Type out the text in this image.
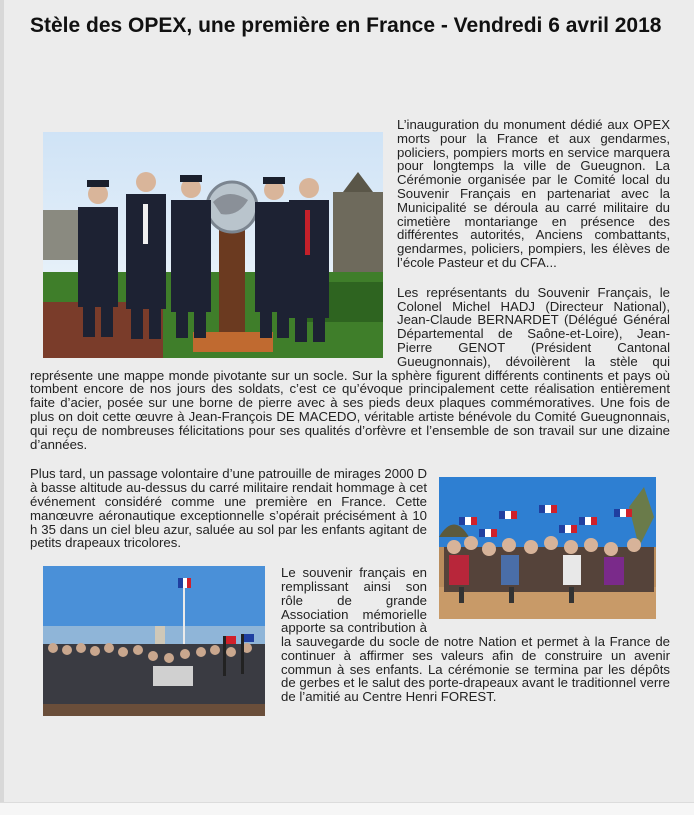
Stèle des OPEX, une première en France - Vendredi 6 avril 2018

L’inauguration du monument dédié aux OPEX morts pour la France et aux gendarmes, policiers, pompiers morts en service marquera pour longtemps la ville de Gueugnon. La Cérémonie organisée par le Comité local du Souvenir Français en partenariat avec la Municipalité se déroula au carré militaire du cimetière montariange en présence des différentes autorités, Anciens combattants, gendarmes, policiers, pompiers, les élèves de l’école Pasteur et du CFA...

Les représentants du Souvenir Français, le Colonel Michel HADJ (Directeur National), Jean-Claude BERNARDET (Délégué Général Départemental de Saône-et-Loire), Jean-Pierre GENOT (Président Cantonal Gueugnonnais), dévoilèrent la stèle qui représente une mappe monde pivotante sur un socle. Sur la sphère figurent différents continents et pays où tombent encore de nos jours des soldats, c’est ce qu’évoque principalement cette réalisation entièrement faite d’acier, posée sur une borne de pierre avec à ses pieds deux plaques commémoratives. Une fois de plus on doit cette œuvre à Jean-François DE MACEDO, véritable artiste bénévole du Comité Gueugnonnais, qui reçu de nombreuses félicitations pour ses qualités d’orfèvre et l’ensemble de son travail sur une dizaine d’années.

Plus tard, un passage volontaire d’une patrouille de mirages 2000 D à basse altitude au-dessus du carré militaire rendait hommage à cet événement considéré comme une première en France. Cette manœuvre aéronautique exceptionnelle s’opérait précisément à 10 h 35 dans un ciel bleu azur, saluée au sol par les enfants agitant de petits drapeaux tricolores.

Le souvenir français en remplissant ainsi son rôle de grande Association mémorielle apporte sa contribution à la sauvegarde du socle de notre Nation et permet à la France de continuer à affirmer ses valeurs afin de construire un avenir commun à ses enfants. La cérémonie se termina par les dépôts de gerbes et le salut des porte-drapeaux avant le traditionnel verre de l’amitié au Centre Henri FOREST.
